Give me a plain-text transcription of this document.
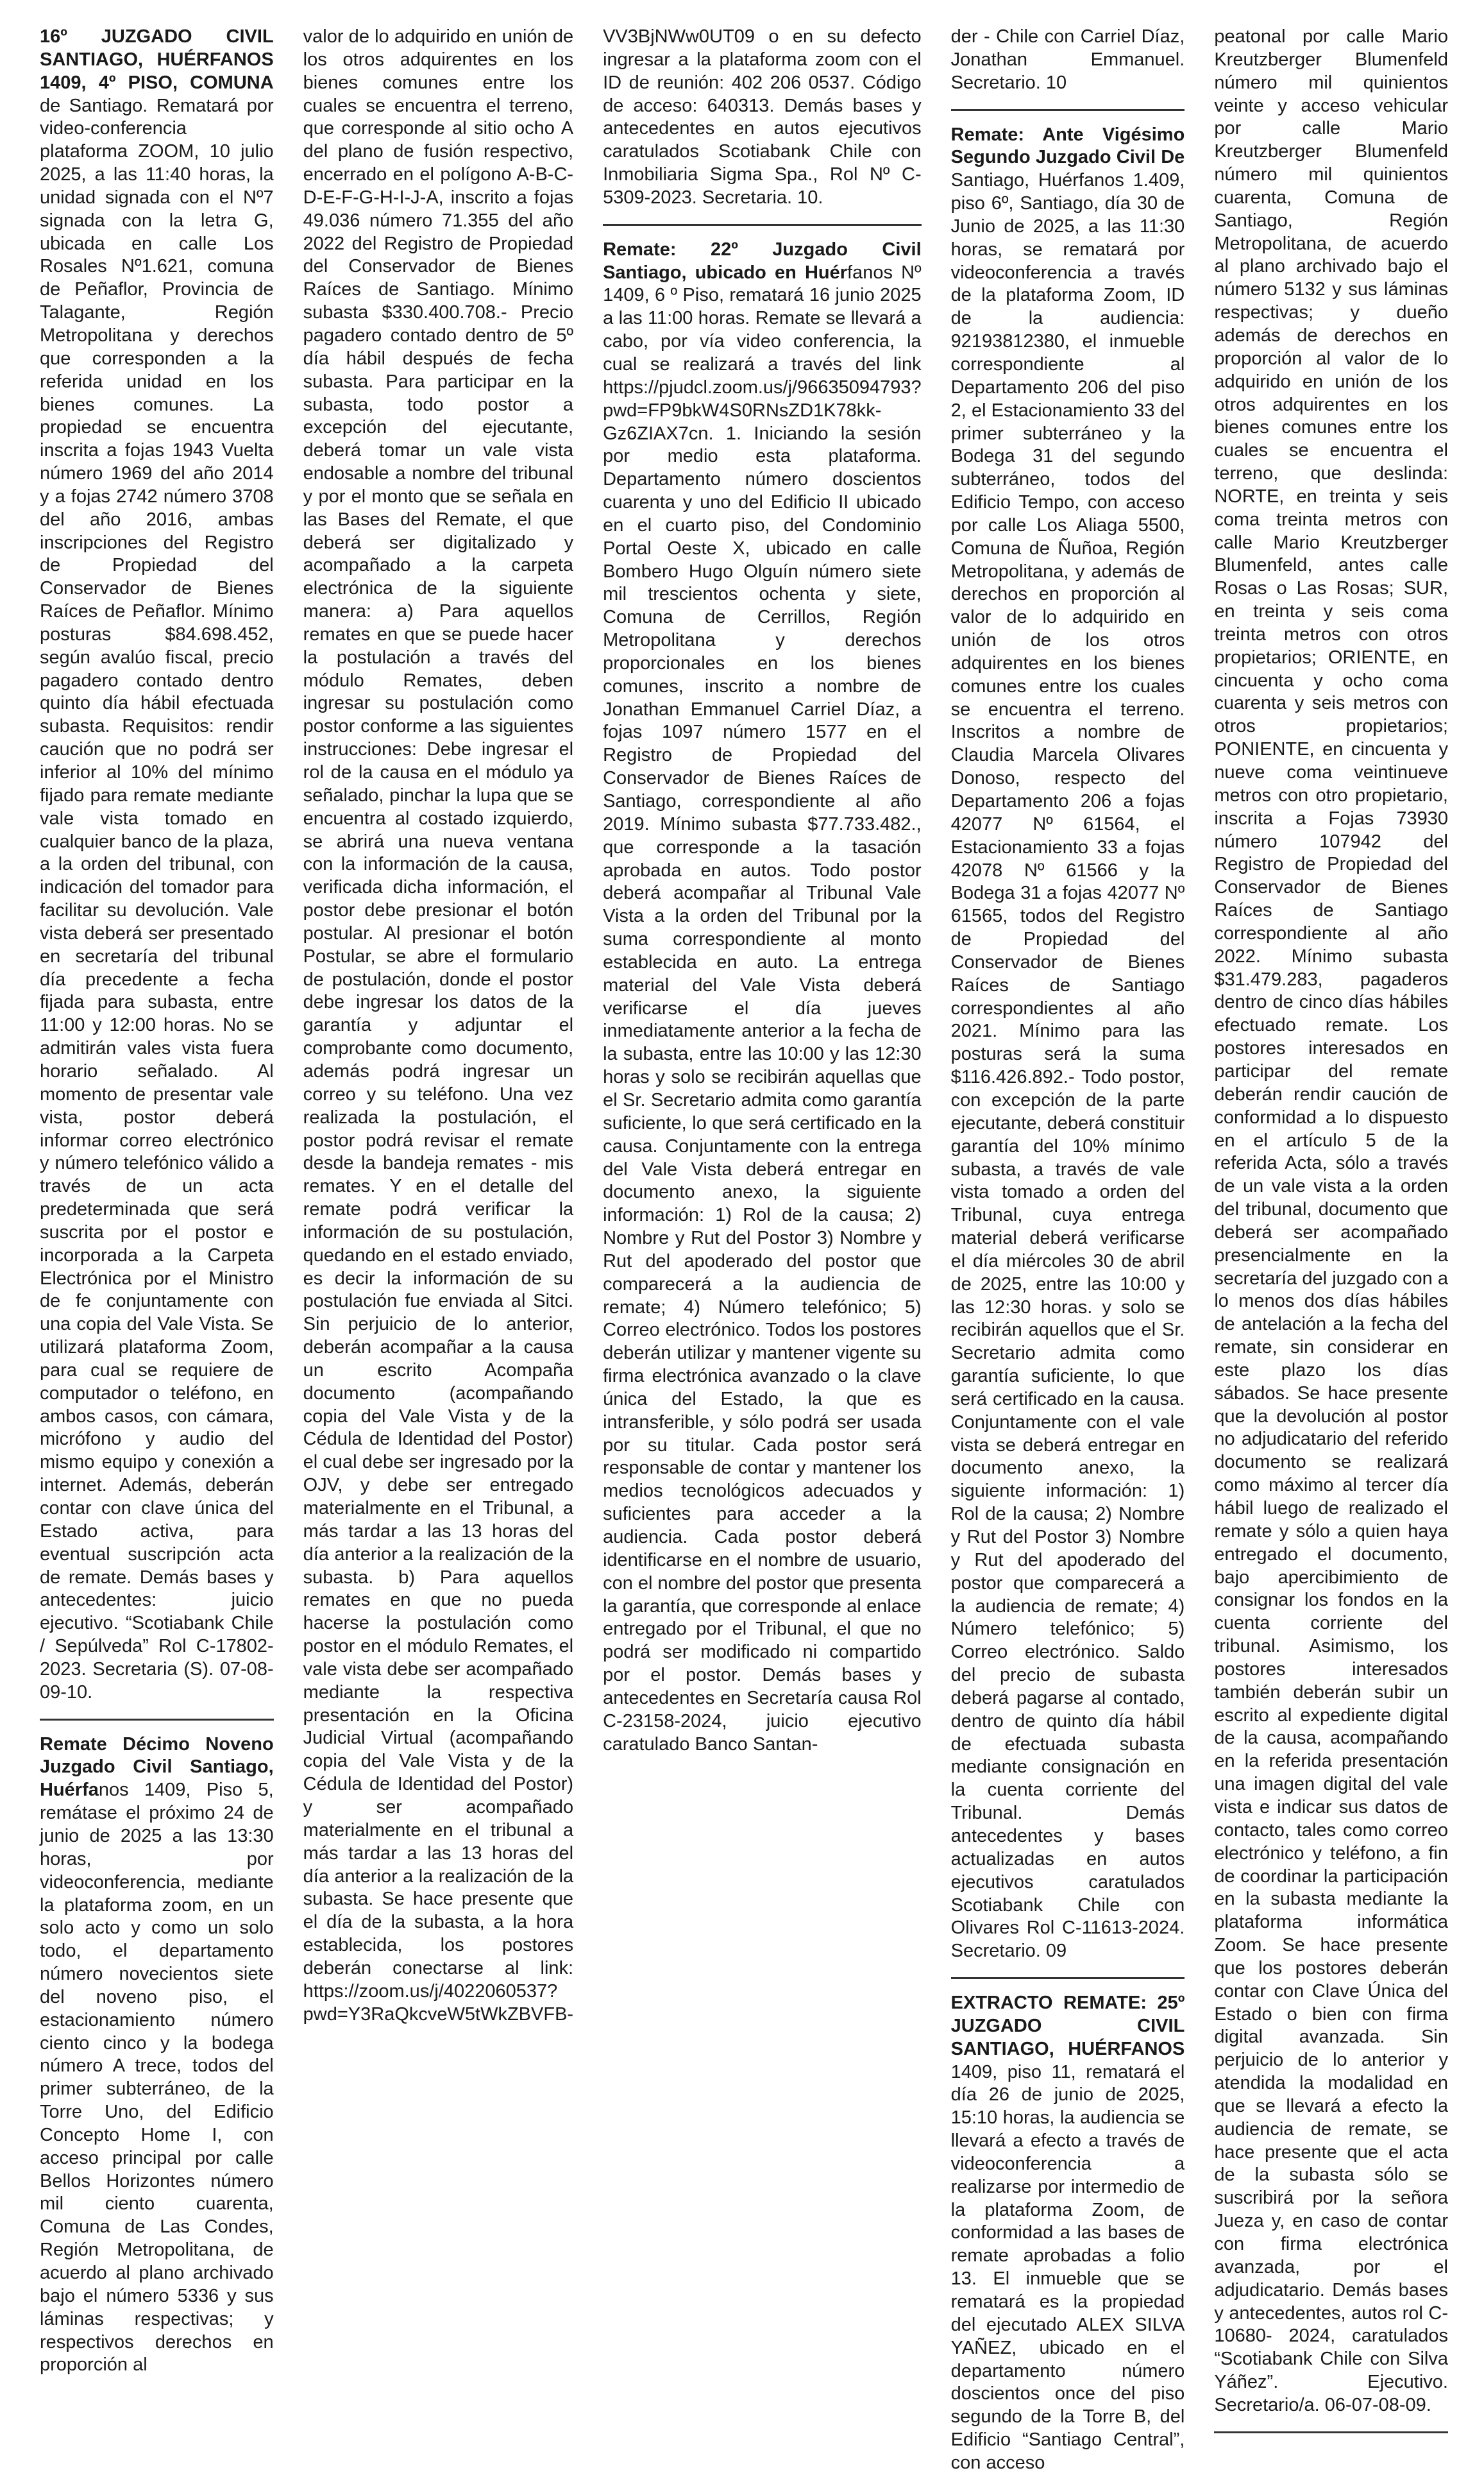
16º JUZGADO CIVIL SANTIAGO, HUÉRFANOS 1409, 4º PISO, COMUNA de Santiago. Rematará por video-conferencia plataforma ZOOM, 10 julio 2025, a las 11:40 horas, la unidad signada con el Nº7 signada con la letra G, ubicada en calle Los Rosales Nº1.621, comuna de Peñaflor, Provincia de Talagante, Región Metropolitana y derechos que corresponden a la referida unidad en los bienes comunes. La propiedad se encuentra inscrita a fojas 1943 Vuelta número 1969 del año 2014 y a fojas 2742 número 3708 del año 2016, ambas inscripciones del Registro de Propiedad del Conservador de Bienes Raíces de Peñaflor. Mínimo posturas $84.698.452, según avalúo fiscal, precio pagadero contado dentro quinto día hábil efectuada subasta. Requisitos: rendir caución que no podrá ser inferior al 10% del mínimo fijado para remate mediante vale vista tomado en cualquier banco de la plaza, a la orden del tribunal, con indicación del tomador para facilitar su devolución. Vale vista deberá ser presentado en secretaría del tribunal día precedente a fecha fijada para subasta, entre 11:00 y 12:00 horas. No se admitirán vales vista fuera horario señalado. Al momento de presentar vale vista, postor deberá informar correo electrónico y número telefónico válido a través de un acta predeterminada que será suscrita por el postor e incorporada a la Carpeta Electrónica por el Ministro de fe conjuntamente con una copia del Vale Vista. Se utilizará plataforma Zoom, para cual se requiere de computador o teléfono, en ambos casos, con cámara, micrófono y audio del mismo equipo y conexión a internet. Además, deberán contar con clave única del Estado activa, para eventual suscripción acta de remate. Demás bases y antecedentes: juicio ejecutivo. “Scotiabank Chile / Sepúlveda” Rol C-17802-2023. Secretaria (S). 07-08-09-10.

Remate Décimo Noveno Juzgado Civil Santiago, Huérfanos 1409, Piso 5, remátase el próximo 24 de junio de 2025 a las 13:30 horas, por videoconferencia, mediante la plataforma zoom, en un solo acto y como un solo todo, el departamento número novecientos siete del noveno piso, el estacionamiento número ciento cinco y la bodega número A trece, todos del primer subterráneo, de la Torre Uno, del Edificio Concepto Home I, con acceso principal por calle Bellos Horizontes número mil ciento cuarenta, Comuna de Las Condes, Región Metropolitana, de acuerdo al plano archivado bajo el número 5336 y sus láminas respectivas; y respectivos derechos en proporción al

valor de lo adquirido en unión de los otros adquirentes en los bienes comunes entre los cuales se encuentra el terreno, que corresponde al sitio ocho A del plano de fusión respectivo, encerrado en el polígono A-B-C-D-E-F-G-H-I-J-A, inscrito a fojas 49.036 número 71.355 del año 2022 del Registro de Propiedad del Conservador de Bienes Raíces de Santiago. Mínimo subasta $330.400.708.- Precio pagadero contado dentro de 5º día hábil después de fecha subasta. Para participar en la subasta, todo postor a excepción del ejecutante, deberá tomar un vale vista endosable a nombre del tribunal y por el monto que se señala en las Bases del Remate, el que deberá ser digitalizado y acompañado a la carpeta electrónica de la siguiente manera: a) Para aquellos remates en que se puede hacer la postulación a través del módulo Remates, deben ingresar su postulación como postor conforme a las siguientes instrucciones: Debe ingresar el rol de la causa en el módulo ya señalado, pinchar la lupa que se encuentra al costado izquierdo, se abrirá una nueva ventana con la información de la causa, verificada dicha información, el postor debe presionar el botón postular. Al presionar el botón Postular, se abre el formulario de postulación, donde el postor debe ingresar los datos de la garantía y adjuntar el comprobante como documento, además podrá ingresar un correo y su teléfono. Una vez realizada la postulación, el postor podrá revisar el remate desde la bandeja remates - mis remates. Y en el detalle del remate podrá verificar la información de su postulación, quedando en el estado enviado, es decir la información de su postulación fue enviada al Sitci. Sin perjuicio de lo anterior, deberán acompañar a la causa un escrito Acompaña documento (acompañando copia del Vale Vista y de la Cédula de Identidad del Postor) el cual debe ser ingresado por la OJV, y debe ser entregado materialmente en el Tribunal, a más tardar a las 13 horas del día anterior a la realización de la subasta. b) Para aquellos remates en que no pueda hacerse la postulación como postor en el módulo Remates, el vale vista debe ser acompañado mediante la respectiva presentación en la Oficina Judicial Virtual (acompañando copia del Vale Vista y de la Cédula de Identidad del Postor) y ser acompañado materialmente en el tribunal a más tardar a las 13 horas del día anterior a la realización de la subasta. Se hace presente que el día de la subasta, a la hora establecida, los postores deberán conectarse al link: https://zoom.us/j/4022060537?pwd=Y3RaQkcveW5tWkZBVFB-

VV3BjNWw0UT09 o en su defecto ingresar a la plataforma zoom con el ID de reunión: 402 206 0537. Código de acceso: 640313. Demás bases y antecedentes en autos ejecutivos caratulados Scotiabank Chile con Inmobiliaria Sigma Spa., Rol Nº C-5309-2023. Secretaria. 10.

Remate: 22º Juzgado Civil Santiago, ubicado en Huérfanos Nº 1409, 6 º Piso, rematará 16 junio 2025 a las 11:00 horas. Remate se llevará a cabo, por vía video conferencia, la cual se realizará a través del link https://pjudcl.zoom.us/j/96635094793?pwd=FP9bkW4S0RNsZD1K78kk-Gz6ZIAX7cn. 1. Iniciando la sesión por medio esta plataforma. Departamento número doscientos cuarenta y uno del Edificio II ubicado en el cuarto piso, del Condominio Portal Oeste X, ubicado en calle Bombero Hugo Olguín número siete mil trescientos ochenta y siete, Comuna de Cerrillos, Región Metropolitana y derechos proporcionales en los bienes comunes, inscrito a nombre de Jonathan Emmanuel Carriel Díaz, a fojas 1097 número 1577 en el Registro de Propiedad del Conservador de Bienes Raíces de Santiago, correspondiente al año 2019. Mínimo subasta $77.733.482., que corresponde a la tasación aprobada en autos. Todo postor deberá acompañar al Tribunal Vale Vista a la orden del Tribunal por la suma correspondiente al monto establecida en auto. La entrega material del Vale Vista deberá verificarse el día jueves inmediatamente anterior a la fecha de la subasta, entre las 10:00 y las 12:30 horas y solo se recibirán aquellas que el Sr. Secretario admita como garantía suficiente, lo que será certificado en la causa. Conjuntamente con la entrega del Vale Vista deberá entregar en documento anexo, la siguiente información: 1) Rol de la causa; 2) Nombre y Rut del Postor 3) Nombre y Rut del apoderado del postor que comparecerá a la audiencia de remate; 4) Número telefónico; 5) Correo electrónico. Todos los postores deberán utilizar y mantener vigente su firma electrónica avanzado o la clave única del Estado, la que es intransferible, y sólo podrá ser usada por su titular. Cada postor será responsable de contar y mantener los medios tecnológicos adecuados y suficientes para acceder a la audiencia. Cada postor deberá identificarse en el nombre de usuario, con el nombre del postor que presenta la garantía, que corresponde al enlace entregado por el Tribunal, el que no podrá ser modificado ni compartido por el postor. Demás bases y antecedentes en Secretaría causa Rol C-23158-2024, juicio ejecutivo caratulado Banco Santan-

der - Chile con Carriel Díaz, Jonathan Emmanuel. Secretario. 10

Remate: Ante Vigésimo Segundo Juzgado Civil De Santiago, Huérfanos 1.409, piso 6º, Santiago, día 30 de Junio de 2025, a las 11:30 horas, se rematará por videoconferencia a través de la plataforma Zoom, ID de la audiencia: 92193812380, el inmueble correspondiente al Departamento 206 del piso 2, el Estacionamiento 33 del primer subterráneo y la Bodega 31 del segundo subterráneo, todos del Edificio Tempo, con acceso por calle Los Aliaga 5500, Comuna de Ñuñoa, Región Metropolitana, y además de derechos en proporción al valor de lo adquirido en unión de los otros adquirentes en los bienes comunes entre los cuales se encuentra el terreno. Inscritos a nombre de Claudia Marcela Olivares Donoso, respecto del Departamento 206 a fojas 42077 Nº 61564, el Estacionamiento 33 a fojas 42078 Nº 61566 y la Bodega 31 a fojas 42077 Nº 61565, todos del Registro de Propiedad del Conservador de Bienes Raíces de Santiago correspondientes al año 2021. Mínimo para las posturas será la suma $116.426.892.- Todo postor, con excepción de la parte ejecutante, deberá constituir garantía del 10% mínimo subasta, a través de vale vista tomado a orden del Tribunal, cuya entrega material deberá verificarse el día miércoles 30 de abril de 2025, entre las 10:00 y las 12:30 horas. y solo se recibirán aquellos que el Sr. Secretario admita como garantía suficiente, lo que será certificado en la causa. Conjuntamente con el vale vista se deberá entregar en documento anexo, la siguiente información: 1) Rol de la causa; 2) Nombre y Rut del Postor 3) Nombre y Rut del apoderado del postor que comparecerá a la audiencia de remate; 4) Número telefónico; 5) Correo electrónico. Saldo del precio de subasta deberá pagarse al contado, dentro de quinto día hábil de efectuada subasta mediante consignación en la cuenta corriente del Tribunal. Demás antecedentes y bases actualizadas en autos ejecutivos caratulados Scotiabank Chile con Olivares Rol C-11613-2024. Secretario. 09

EXTRACTO REMATE: 25º JUZGADO CIVIL SANTIAGO, HUÉRFANOS 1409, piso 11, rematará el día 26 de junio de 2025, 15:10 horas, la audiencia se llevará a efecto a través de videoconferencia a realizarse por intermedio de la plataforma Zoom, de conformidad a las bases de remate aprobadas a folio 13. El inmueble que se rematará es la propiedad del ejecutado ALEX SILVA YAÑEZ, ubicado en el departamento número doscientos once del piso segundo de la Torre B, del Edificio “Santiago Central”, con acceso

peatonal por calle Mario Kreutzberger Blumenfeld número mil quinientos veinte y acceso vehicular por calle Mario Kreutzberger Blumenfeld número mil quinientos cuarenta, Comuna de Santiago, Región Metropolitana, de acuerdo al plano archivado bajo el número 5132 y sus láminas respectivas; y dueño además de derechos en proporción al valor de lo adquirido en unión de los otros adquirentes en los bienes comunes entre los cuales se encuentra el terreno, que deslinda: NORTE, en treinta y seis coma treinta metros con calle Mario Kreutzberger Blumenfeld, antes calle Rosas o Las Rosas; SUR, en treinta y seis coma treinta metros con otros propietarios; ORIENTE, en cincuenta y ocho coma cuarenta y seis metros con otros propietarios; PONIENTE, en cincuenta y nueve coma veintinueve metros con otro propietario, inscrita a Fojas 73930 número 107942 del Registro de Propiedad del Conservador de Bienes Raíces de Santiago correspondiente al año 2022. Mínimo subasta $31.479.283, pagaderos dentro de cinco días hábiles efectuado remate. Los postores interesados en participar del remate deberán rendir caución de conformidad a lo dispuesto en el artículo 5 de la referida Acta, sólo a través de un vale vista a la orden del tribunal, documento que deberá ser acompañado presencialmente en la secretaría del juzgado con a lo menos dos días hábiles de antelación a la fecha del remate, sin considerar en este plazo los días sábados. Se hace presente que la devolución al postor no adjudicatario del referido documento se realizará como máximo al tercer día hábil luego de realizado el remate y sólo a quien haya entregado el documento, bajo apercibimiento de consignar los fondos en la cuenta corriente del tribunal. Asimismo, los postores interesados también deberán subir un escrito al expediente digital de la causa, acompañando en la referida presentación una imagen digital del vale vista e indicar sus datos de contacto, tales como correo electrónico y teléfono, a fin de coordinar la participación en la subasta mediante la plataforma informática Zoom. Se hace presente que los postores deberán contar con Clave Única del Estado o bien con firma digital avanzada. Sin perjuicio de lo anterior y atendida la modalidad en que se llevará a efecto la audiencia de remate, se hace presente que el acta de la subasta sólo se suscribirá por la señora Jueza y, en caso de contar con firma electrónica avanzada, por el adjudicatario. Demás bases y antecedentes, autos rol C-10680- 2024, caratulados “Scotiabank Chile con Silva Yáñez”. Ejecutivo. Secretario/a. 06-07-08-09.
